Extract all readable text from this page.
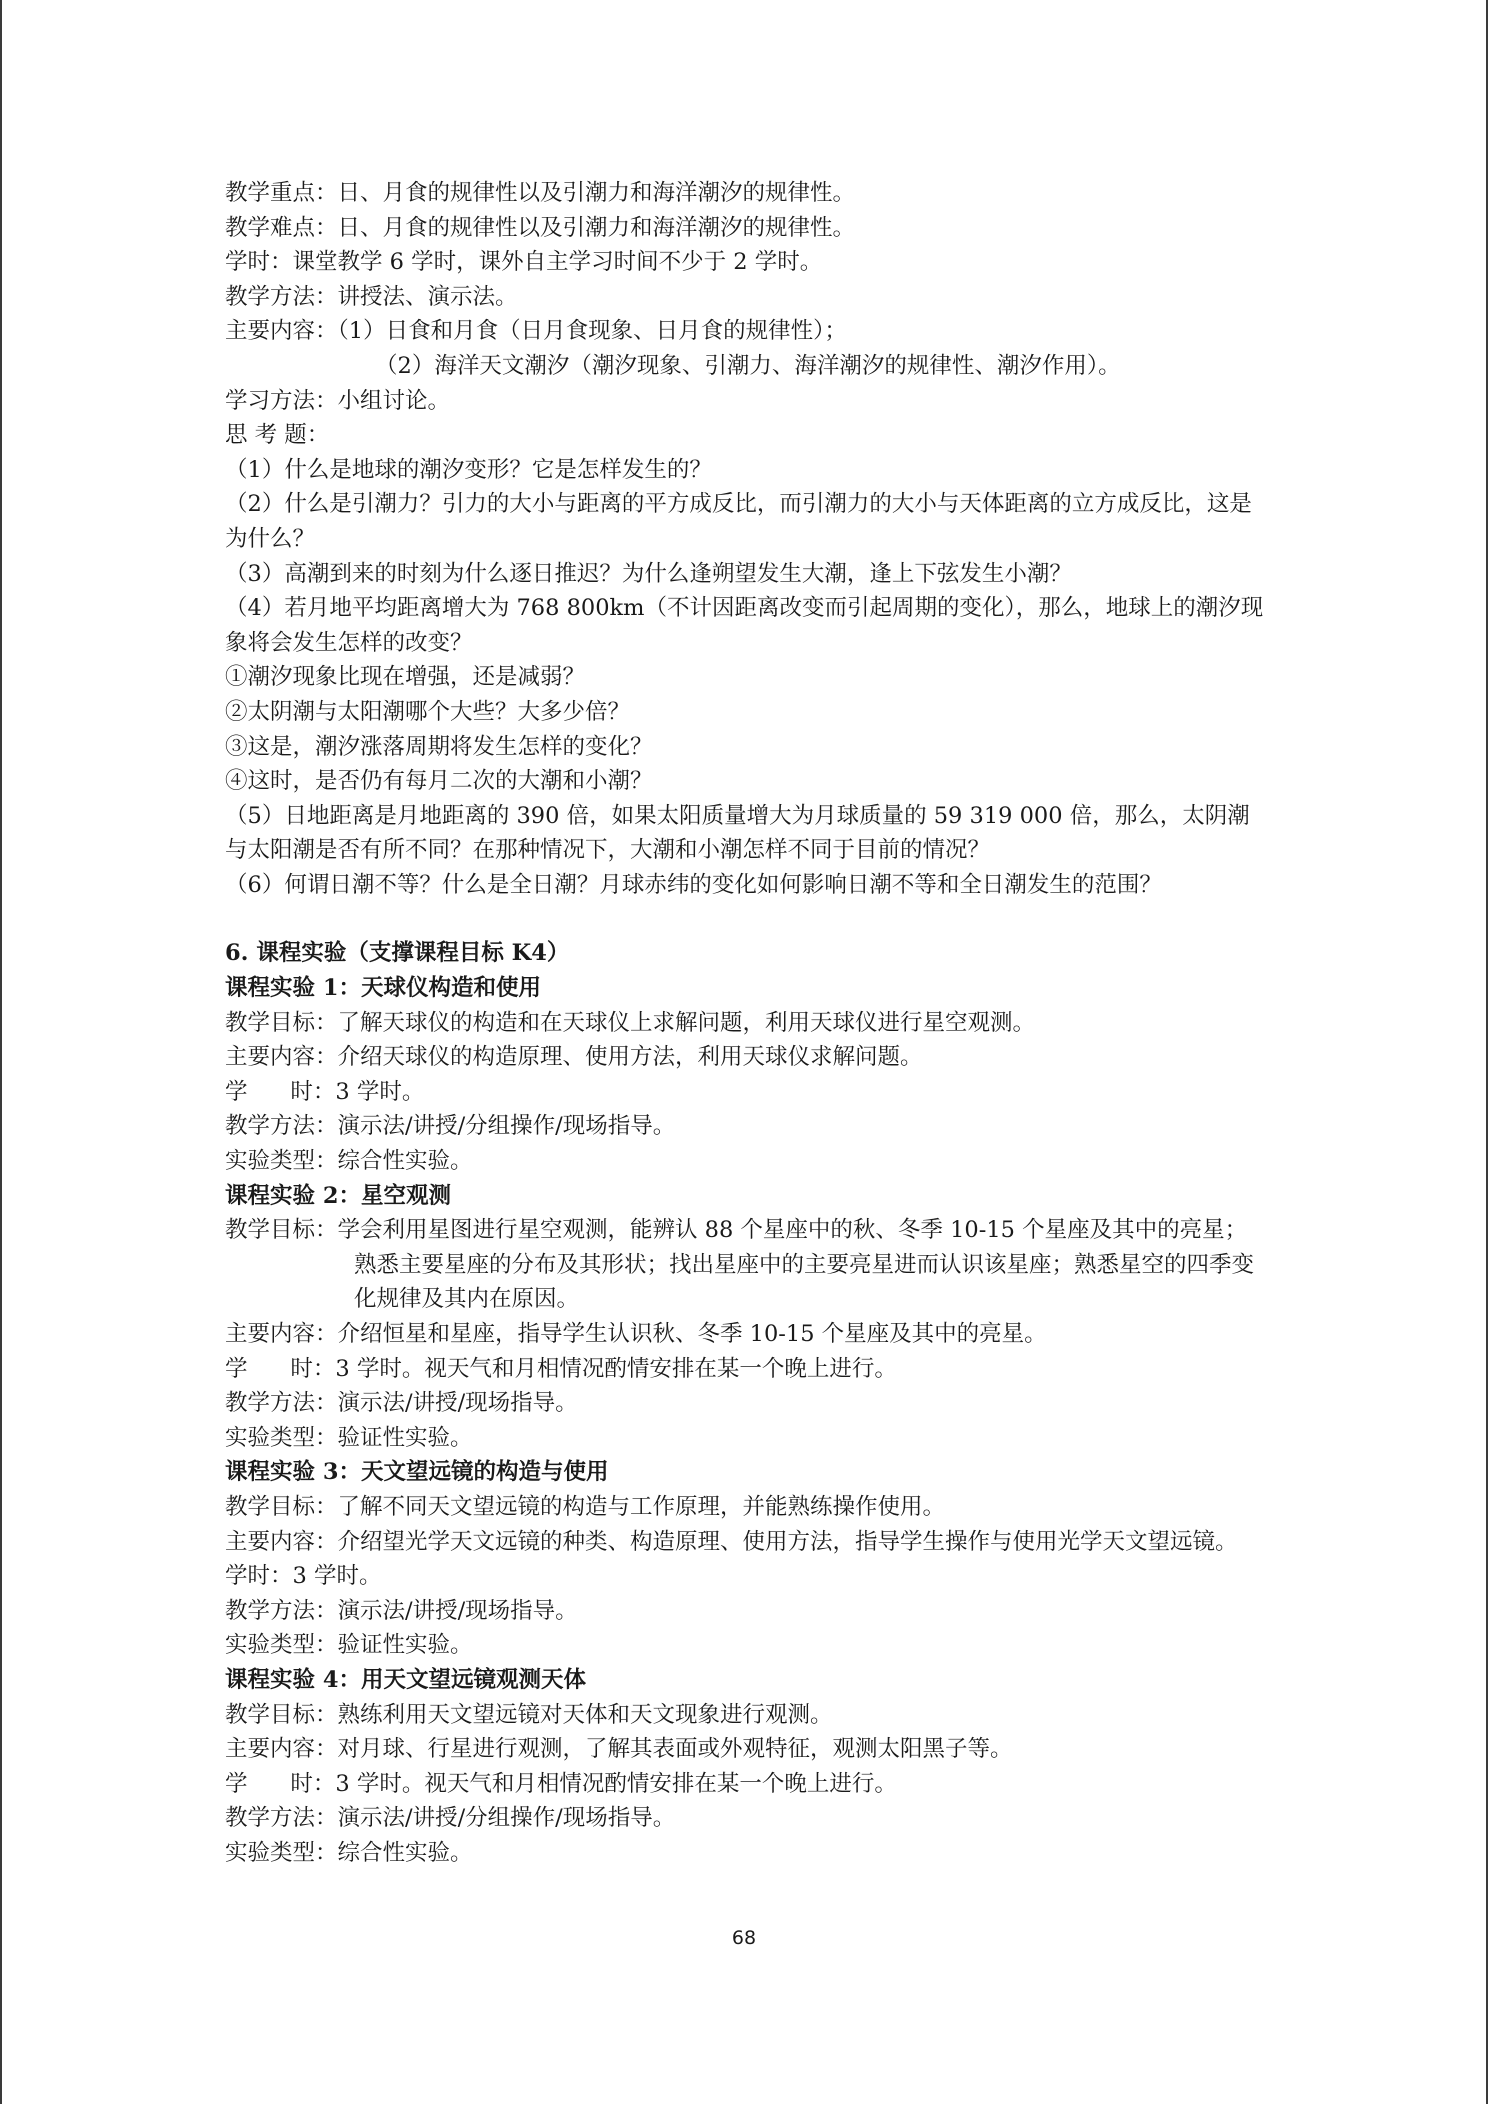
教学重点：日、月食的规律性以及引潮力和海洋潮汐的规律性。

教学难点：日、月食的规律性以及引潮力和海洋潮汐的规律性。

学时：课堂教学 6 学时，课外自主学习时间不少于 2 学时。

教学方法：讲授法、演示法。

主要内容：（1）日食和月食（日月食现象、日月食的规律性）；

（2）海洋天文潮汐（潮汐现象、引潮力、海洋潮汐的规律性、潮汐作用）。

学习方法：小组讨论。

思 考 题：

（1）什么是地球的潮汐变形？它是怎样发生的？

（2）什么是引潮力？引力的大小与距离的平方成反比，而引潮力的大小与天体距离的立方成反比，这是为什么？

（3）高潮到来的时刻为什么逐日推迟？为什么逢朔望发生大潮，逢上下弦发生小潮？

（4）若月地平均距离增大为 768 800km（不计因距离改变而引起周期的变化），那么，地球上的潮汐现象将会发生怎样的改变？

①潮汐现象比现在增强，还是减弱？

②太阴潮与太阳潮哪个大些？大多少倍？

③这是，潮汐涨落周期将发生怎样的变化？

④这时，是否仍有每月二次的大潮和小潮？

（5）日地距离是月地距离的 390 倍，如果太阳质量增大为月球质量的 59 319 000 倍，那么，太阴潮与太阳潮是否有所不同？在那种情况下，大潮和小潮怎样不同于目前的情况？

（6）何谓日潮不等？什么是全日潮？月球赤纬的变化如何影响日潮不等和全日潮发生的范围？

6. 课程实验（支撑课程目标 K4）

课程实验 1：天球仪构造和使用

教学目标：了解天球仪的构造和在天球仪上求解问题，利用天球仪进行星空观测。

主要内容：介绍天球仪的构造原理、使用方法，利用天球仪求解问题。

学      时：3 学时。

教学方法：演示法/讲授/分组操作/现场指导。

实验类型：综合性实验。

课程实验 2：星空观测

教学目标：学会利用星图进行星空观测，能辨认 88 个星座中的秋、冬季 10-15 个星座及其中的亮星；熟悉主要星座的分布及其形状；找出星座中的主要亮星进而认识该星座；熟悉星空的四季变化规律及其内在原因。

主要内容：介绍恒星和星座，指导学生认识秋、冬季 10-15 个星座及其中的亮星。

学      时：3 学时。视天气和月相情况酌情安排在某一个晚上进行。

教学方法：演示法/讲授/现场指导。

实验类型：验证性实验。

课程实验 3：天文望远镜的构造与使用

教学目标：了解不同天文望远镜的构造与工作原理，并能熟练操作使用。

主要内容：介绍望光学天文远镜的种类、构造原理、使用方法，指导学生操作与使用光学天文望远镜。

学时：3 学时。

教学方法：演示法/讲授/现场指导。

实验类型：验证性实验。

课程实验 4：用天文望远镜观测天体

教学目标：熟练利用天文望远镜对天体和天文现象进行观测。

主要内容：对月球、行星进行观测，了解其表面或外观特征，观测太阳黑子等。

学      时：3 学时。视天气和月相情况酌情安排在某一个晚上进行。

教学方法：演示法/讲授/分组操作/现场指导。

实验类型：综合性实验。

68
